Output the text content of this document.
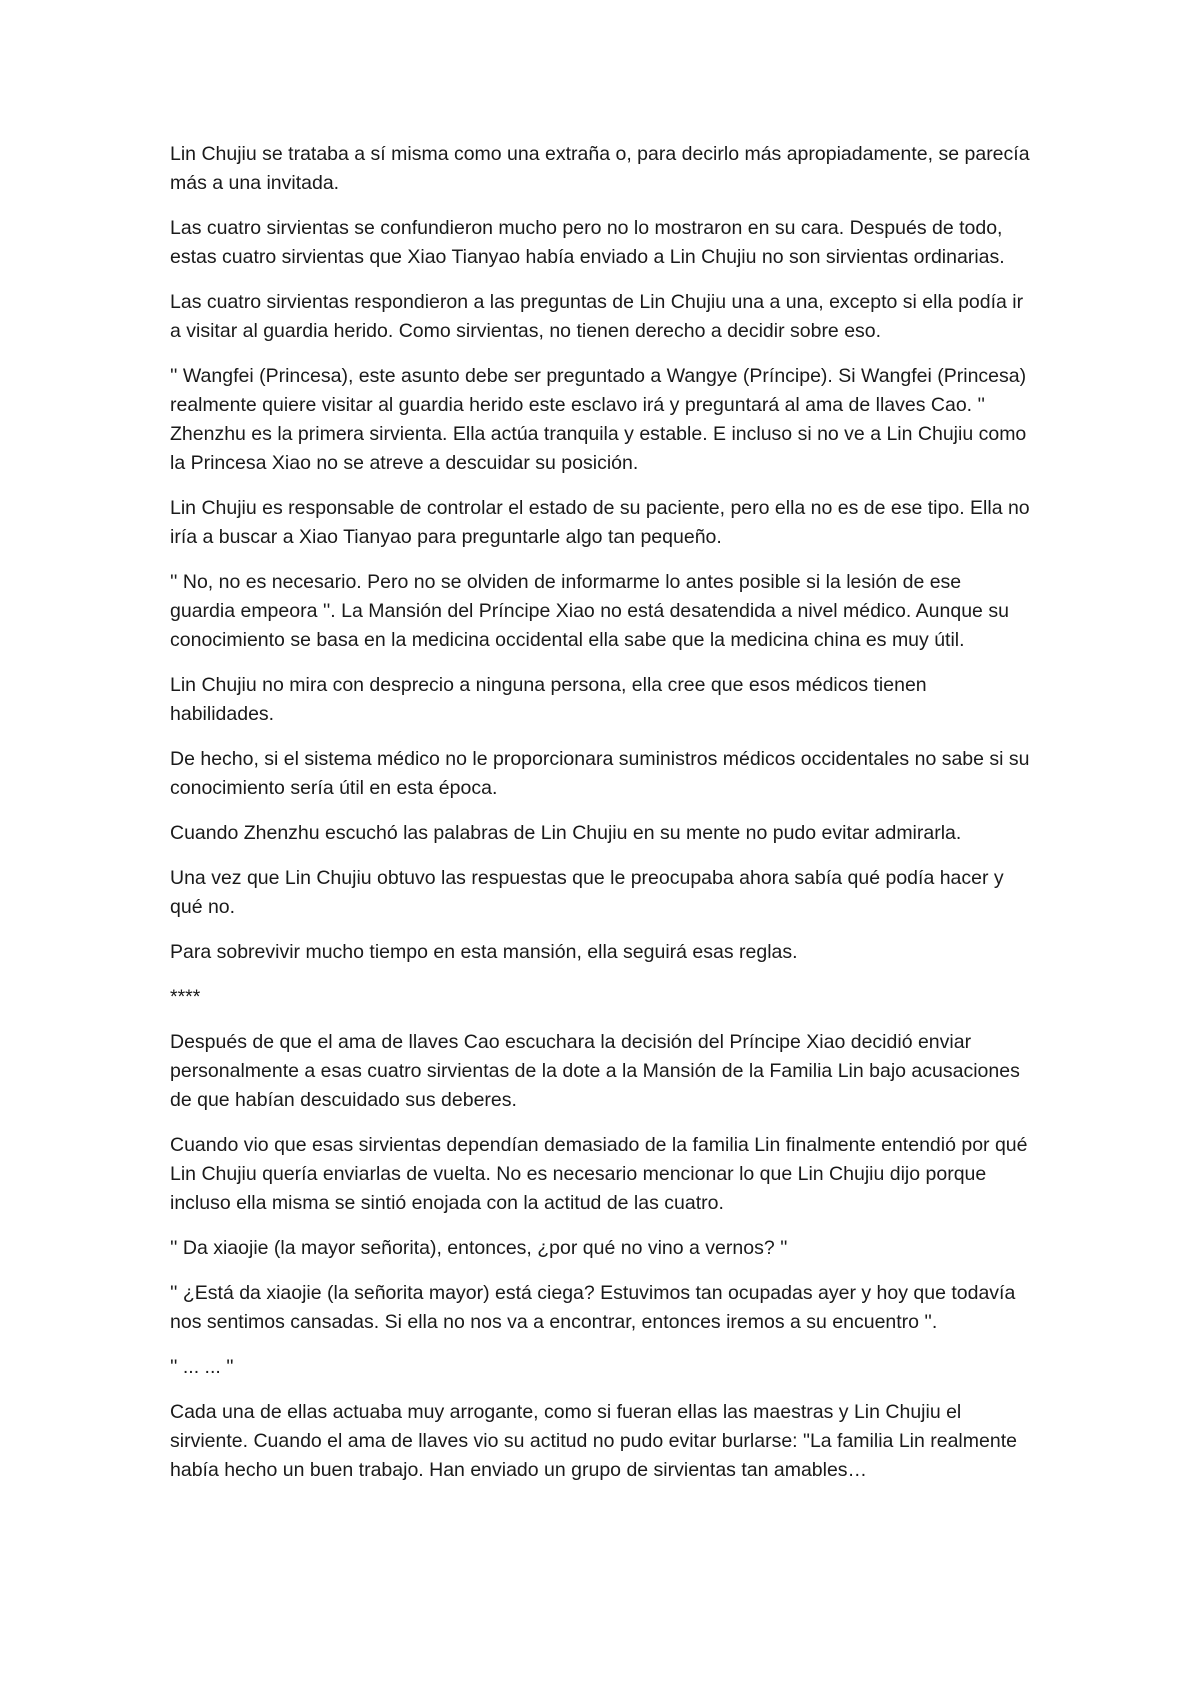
Lin Chujiu se trataba a sí misma como una extraña o, para decirlo más apropiadamente, se parecía más a una invitada.

Las cuatro sirvientas se confundieron mucho pero no lo mostraron en su cara. Después de todo, estas cuatro sirvientas que Xiao Tianyao había enviado a Lin Chujiu no son sirvientas ordinarias.

Las cuatro sirvientas respondieron a las preguntas de Lin Chujiu una a una, excepto si ella podía ir a visitar al guardia herido. Como sirvientas, no tienen derecho a decidir sobre eso.

'' Wangfei (Princesa), este asunto debe ser preguntado a Wangye (Príncipe). Si Wangfei (Princesa) realmente quiere visitar al guardia herido este esclavo irá y preguntará al ama de llaves Cao. '' Zhenzhu es la primera sirvienta. Ella actúa tranquila y estable. E incluso si no ve a Lin Chujiu como la Princesa Xiao no se atreve a descuidar su posición.

Lin Chujiu es responsable de controlar el estado de su paciente, pero ella no es de ese tipo. Ella no iría a buscar a Xiao Tianyao para preguntarle algo tan pequeño.

'' No, no es necesario. Pero no se olviden de informarme lo antes posible si la lesión de ese guardia empeora ''. La Mansión del Príncipe Xiao no está desatendida a nivel médico. Aunque su conocimiento se basa en la medicina occidental ella sabe que la medicina china es muy útil.

Lin Chujiu no mira con desprecio a ninguna persona, ella cree que esos médicos tienen habilidades.

De hecho, si el sistema médico no le proporcionara suministros médicos occidentales no sabe si su conocimiento sería útil en esta época.

Cuando Zhenzhu escuchó las palabras de Lin Chujiu en su mente no pudo evitar admirarla.

Una vez que Lin Chujiu obtuvo las respuestas que le preocupaba ahora sabía qué podía hacer y qué no.

Para sobrevivir mucho tiempo en esta mansión, ella seguirá esas reglas.

****

Después de que el ama de llaves Cao escuchara la decisión del Príncipe Xiao decidió enviar personalmente a esas cuatro sirvientas de la dote a la Mansión de la Familia Lin bajo acusaciones de que habían descuidado sus deberes.

Cuando vio que esas sirvientas dependían demasiado de la familia Lin finalmente entendió por qué Lin Chujiu quería enviarlas de vuelta. No es necesario mencionar lo que Lin Chujiu dijo porque incluso ella misma se sintió enojada con la actitud de las cuatro.

'' Da xiaojie (la mayor señorita), entonces, ¿por qué no vino a vernos? ''

'' ¿Está da xiaojie (la señorita mayor) está ciega? Estuvimos tan ocupadas ayer y hoy que todavía nos sentimos cansadas. Si ella no nos va a encontrar, entonces iremos a su encuentro ''.

'' ... ... ''

Cada una de ellas actuaba muy arrogante, como si fueran ellas las maestras y Lin Chujiu el sirviente. Cuando el ama de llaves vio su actitud no pudo evitar burlarse: "La familia Lin realmente había hecho un buen trabajo. Han enviado un grupo de sirvientas tan amables…
